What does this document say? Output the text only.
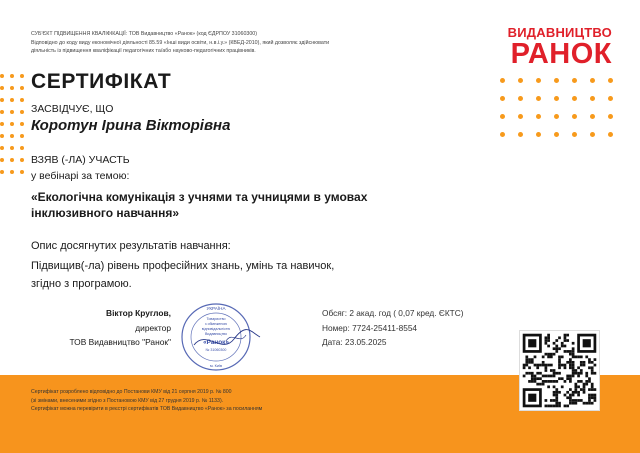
СУБ'ЄКТ ПІДВИЩЕННЯ КВАЛІФІКАЦІЇ: ТОВ Видавництво «Ранок» (код ЄДРПОУ 31060300)
Відповідно до коду виду економічної діяльності 85.59 «Інші види освіти, н.в.і.у.» (КВЕД-2010), який дозволяє здійснювати
діяльність із підвищення кваліфікації педагогічних та/або науково-педагогічних працівників.
ВИДАВНИЦТВО
РАНОК
СЕРТИФІКАТ
ЗАСВІДЧУЄ, ЩО
Коротун Ірина Вікторівна
ВЗЯВ (-ЛА) УЧАСТЬ
у вебінарі за темою:
«Екологічна комунікація з учнями та учницями в умовах
інклюзивного навчання»
Опис досягнутих результатів навчання:
Підвищив(-ла) рівень професійних знань, умінь та навичок,
згідно з програмою.
Віктор Круглов,
директор
ТОВ Видавництво "Ранок"
УКРАЇНА
Товариство
з обмеженою
відповідальністю
Видавництво
«Ранок»
№ 31060300
м. Київ
Обсяг: 2 акад. год ( 0,07 кред. ЄКТС)
Номер: 7724-25411-8554
Дата: 23.05.2025
Сертифікат розроблено відповідно до Постанови КМУ від 21 серпня 2019 р. № 800
(зі змінами, внесеними згідно з Постановою КМУ від 27 грудня 2019 р. № 1133).
Сертифікат можна перевірити в реєстрі сертифікатів ТОВ Видавництво «Ранок» за посиланням
